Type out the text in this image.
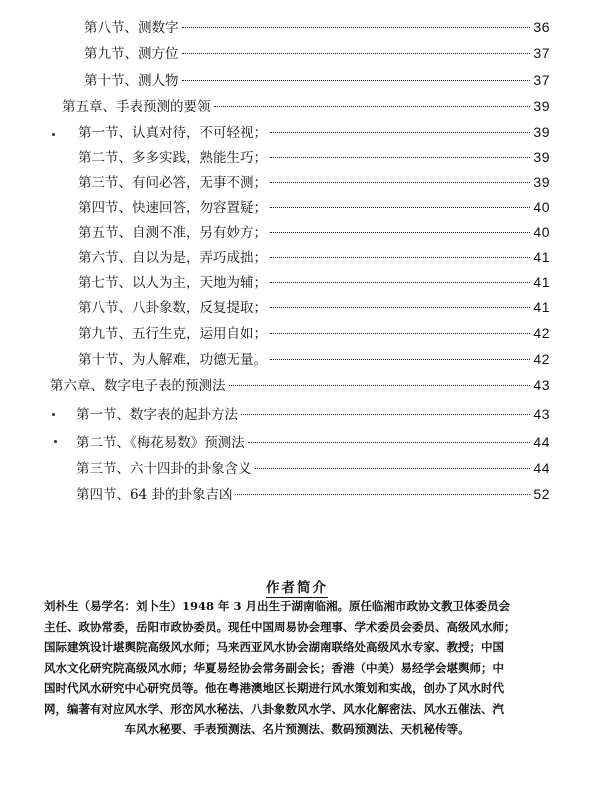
第八节、测数字	36
第九节、测方位	37
第十节、测人物	37
第五章、手表预测的要领	39
第一节、认真对待，不可轻视；	39
第二节、多多实践，熟能生巧；	39
第三节、有问必答，无事不测；	39
第四节、快速回答，勿容置疑；	40
第五节、自测不准，另有妙方；	40
第六节、自以为是，弄巧成拙；	41
第七节、以人为主，天地为辅；	41
第八节、八卦象数，反复提取；	41
第九节、五行生克，运用自如；	42
第十节、为人解难，功德无量。	42
第六章、数字电子表的预测法	43
第一节、数字表的起卦方法	43
第二节、《梅花易数》预测法	44
第三节、六十四卦的卦象含义	44
第四节、64 卦的卦象吉凶	52
作者简介
刘朴生（易学名：刘卜生）1948 年 3 月出生于湖南临湘。原任临湘市政协文教卫体委员会
主任、政协常委，岳阳市政协委员。现任中国周易协会理事、学术委员会委员、高级风水师；
国际建筑设计堪舆院高级风水师；马来西亚风水协会湖南联络处高级风水专家、教授；中国
风水文化研究院高级风水师；华夏易经协会常务副会长；香港（中美）易经学会堪舆师；中
国时代风水研究中心研究员等。他在粤港澳地区长期进行风水策划和实战，创办了风水时代
网，编著有对应风水学、形峦风水秘法、八卦象数风水学、风水化解密法、风水五催法、汽
车风水秘要、手表预测法、名片预测法、数码预测法、天机秘传等。
